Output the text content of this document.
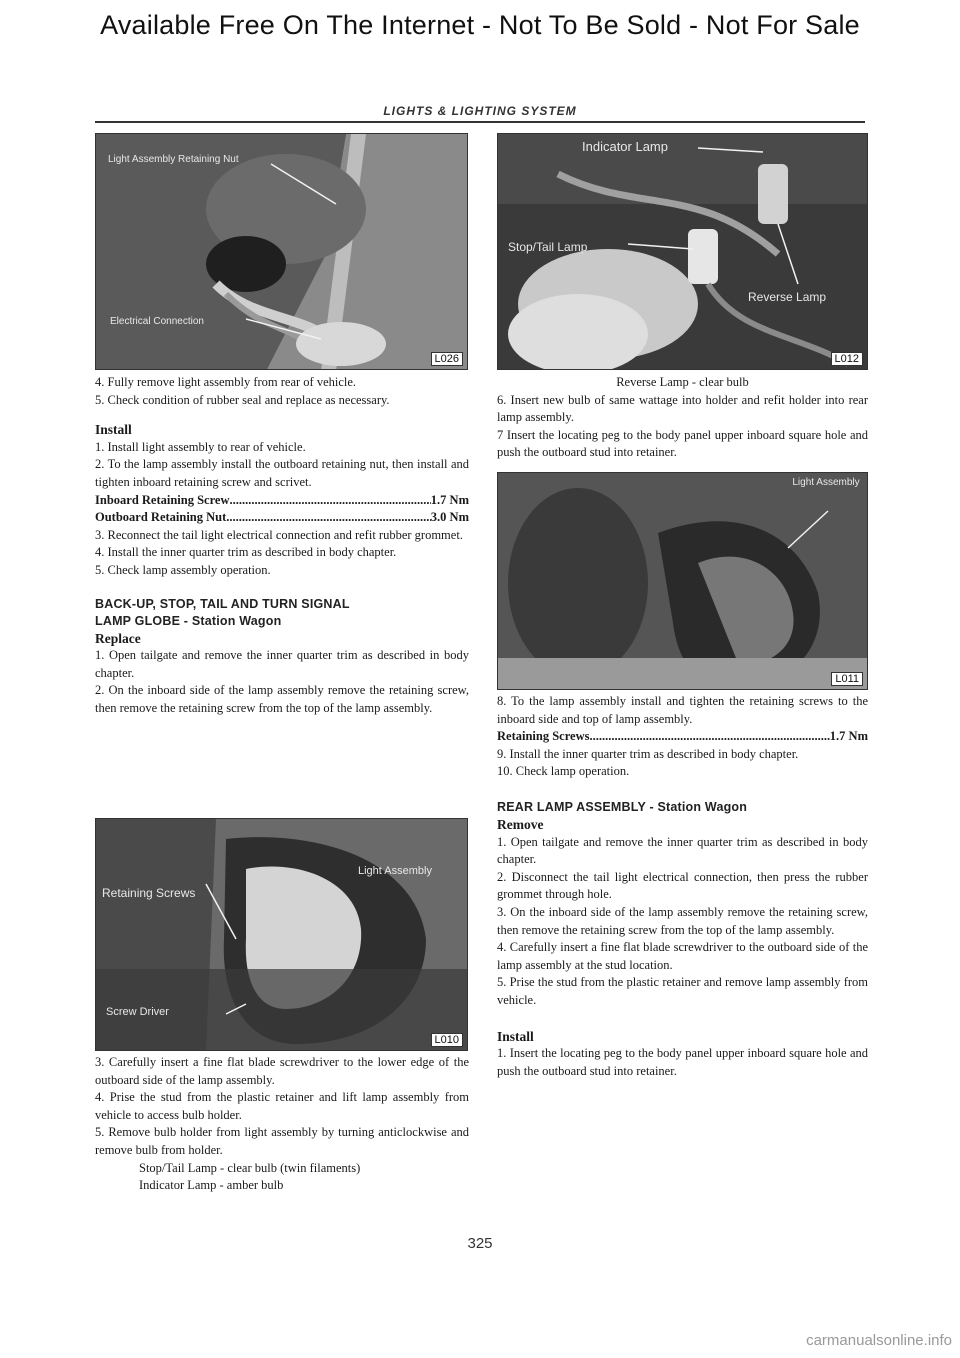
Available Free On The Internet - Not To Be Sold - Not For Sale
LIGHTS & LIGHTING SYSTEM
Light Assembly Retaining Nut
Electrical Connection
L026
Indicator Lamp
Stop/Tail Lamp
Reverse Lamp
L012
Light Assembly
L011
Light Assembly
Retaining Screws
Screw Driver
L010

4. Fully remove light assembly from rear of vehicle.

5. Check condition of rubber seal and replace as necessary.

Install

1. Install light assembly to rear of vehicle.

2. To the lamp assembly install the outboard retaining nut, then install and tighten inboard retaining screw and scrivet.

Inboard Retaining Screw .....	1.7 Nm
Outboard Retaining Nut .....	3.0 Nm

3. Reconnect the tail light electrical connection and refit rubber grommet.

4. Install the inner quarter trim as described in body chapter.

5. Check lamp assembly operation.

BACK-UP, STOP, TAIL AND TURN SIGNAL

LAMP GLOBE - Station Wagon

Replace

1. Open tailgate and remove the inner quarter trim as described in body chapter.

2. On the inboard side of the lamp assembly remove the retaining screw, then remove the retaining screw from the top of the lamp assembly.

3. Carefully insert a fine flat blade screwdriver to the lower edge of the outboard side of the lamp assembly.

4. Prise the stud from the plastic retainer and lift lamp assembly from vehicle to access bulb holder.

5. Remove bulb holder from light assembly by turning anticlockwise and remove bulb from holder.

Stop/Tail Lamp - clear bulb (twin filaments)

Indicator Lamp - amber bulb

Reverse Lamp - clear bulb

6. Insert new bulb of same wattage into holder and refit holder into rear lamp assembly.

7 Insert the locating peg to the body panel upper inboard square hole and push the outboard stud into retainer.

8. To the lamp assembly install and tighten the retaining screws to the inboard side and top of lamp assembly.

Retaining Screws .....	1.7 Nm

9. Install the inner quarter trim as described in body chapter.

10. Check lamp operation.

REAR LAMP ASSEMBLY - Station Wagon

Remove

1. Open tailgate and remove the inner quarter trim as described in body chapter.

2. Disconnect the tail light electrical connection, then press the rubber grommet through hole.

3. On the inboard side of the lamp assembly remove the retaining screw, then remove the retaining screw from the top of the lamp assembly.

4. Carefully insert a fine flat blade screwdriver to the outboard side of the lamp assembly at the stud location.

5. Prise the stud from the plastic retainer and remove lamp assembly from vehicle.

Install

1. Insert the locating peg to the body panel upper inboard square hole and push the outboard stud into retainer.

325
carmanualsonline.info
